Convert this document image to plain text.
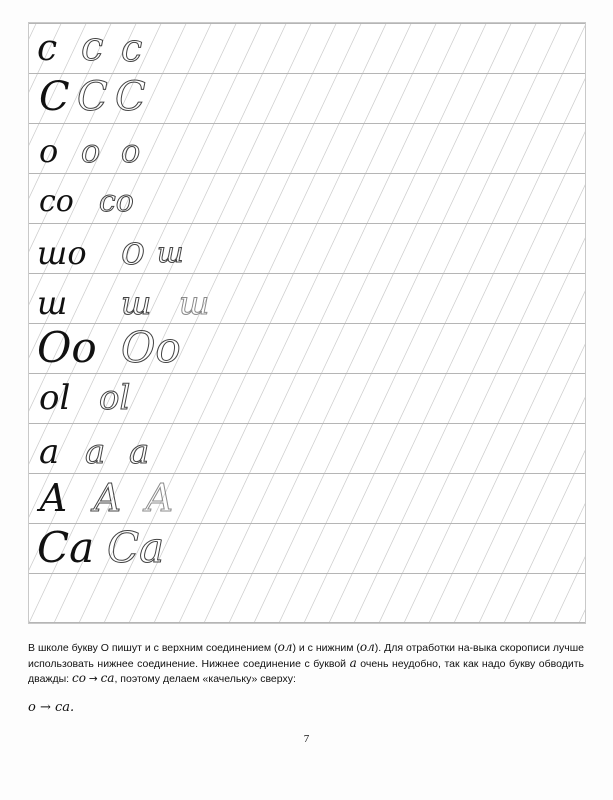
c c c
C C C
o o o
co co
шо о ш
ш ш ш
Оо Оо
ol ol
a a a
А А А
Са Са
В школе букву О пишут и с верхним соединением (ол) и с нижним (ол). Для отработки на-выка скорописи лучше использовать нижнее соединение. Нижнее соединение с буквой а очень неудобно, так как надо букву обводить дважды: со → са, поэтому делаем «качельку» сверху:
о → са.
7
